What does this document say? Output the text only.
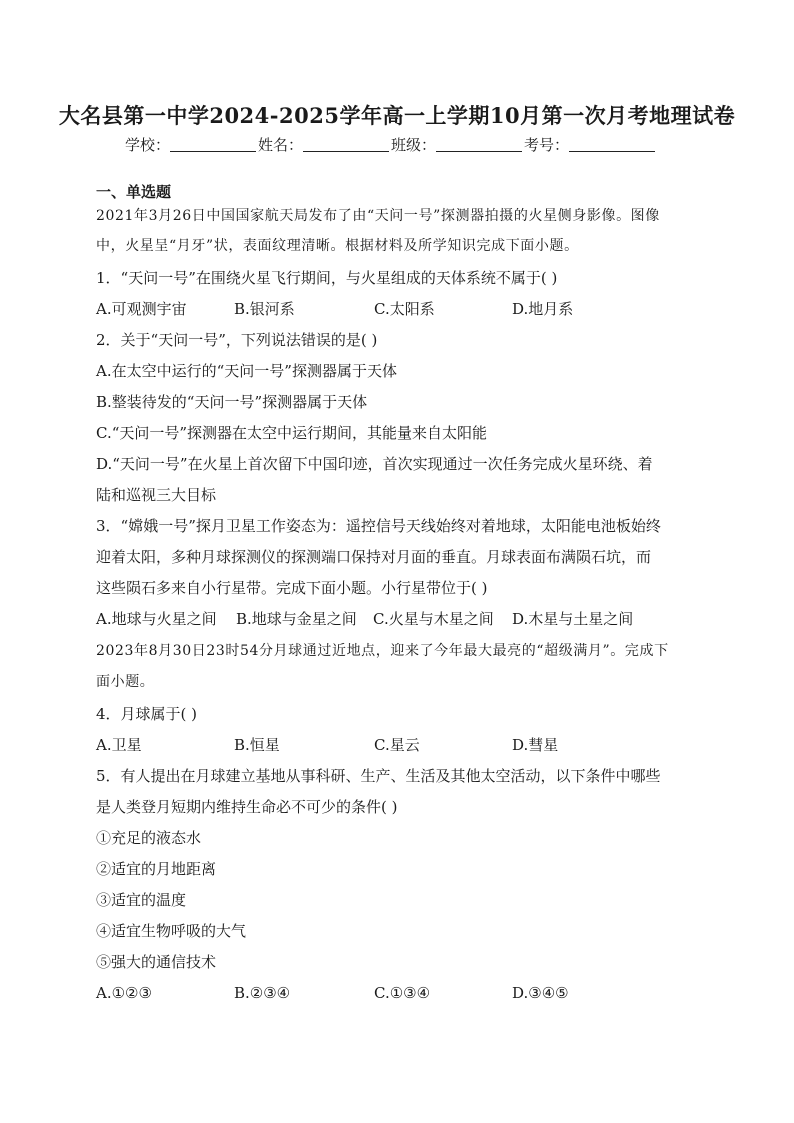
大名县第一中学2024-2025学年高一上学期10月第一次月考地理试卷
学校：	姓名：	班级：	考号：
一、单选题
2021年3月26日中国国家航天局发布了由“天问一号”探测器拍摄的火星侧身影像。图像
中，火星呈“月牙”状，表面纹理清晰。根据材料及所学知识完成下面小题。
1．“天问一号”在围绕火星飞行期间，与火星组成的天体系统不属于( )
A.可观测宇宙	B.银河系	C.太阳系	D.地月系
2．关于“天问一号”，下列说法错误的是( )
A.在太空中运行的“天问一号”探测器属于天体
B.整装待发的“天问一号”探测器属于天体
C.“天问一号”探测器在太空中运行期间，其能量来自太阳能
D.“天问一号”在火星上首次留下中国印迹，首次实现通过一次任务完成火星环绕、着
陆和巡视三大目标
3．“嫦娥一号”探月卫星工作姿态为：遥控信号天线始终对着地球，太阳能电池板始终
迎着太阳，多种月球探测仪的探测端口保持对月面的垂直。月球表面布满陨石坑，而
这些陨石多来自小行星带。完成下面小题。小行星带位于( )
A.地球与火星之间 B.地球与金星之间 C.火星与木星之间 D.木星与土星之间
2023年8月30日23时54分月球通过近地点，迎来了今年最大最亮的“超级满月”。完成下
面小题。
4．月球属于( )
A.卫星	B.恒星	C.星云	D.彗星
5．有人提出在月球建立基地从事科研、生产、生活及其他太空活动，以下条件中哪些
是人类登月短期内维持生命必不可少的条件( )
①充足的液态水
②适宜的月地距离
③适宜的温度
④适宜生物呼吸的大气
⑤强大的通信技术
A.①②③	B.②③④	C.①③④	D.③④⑤
